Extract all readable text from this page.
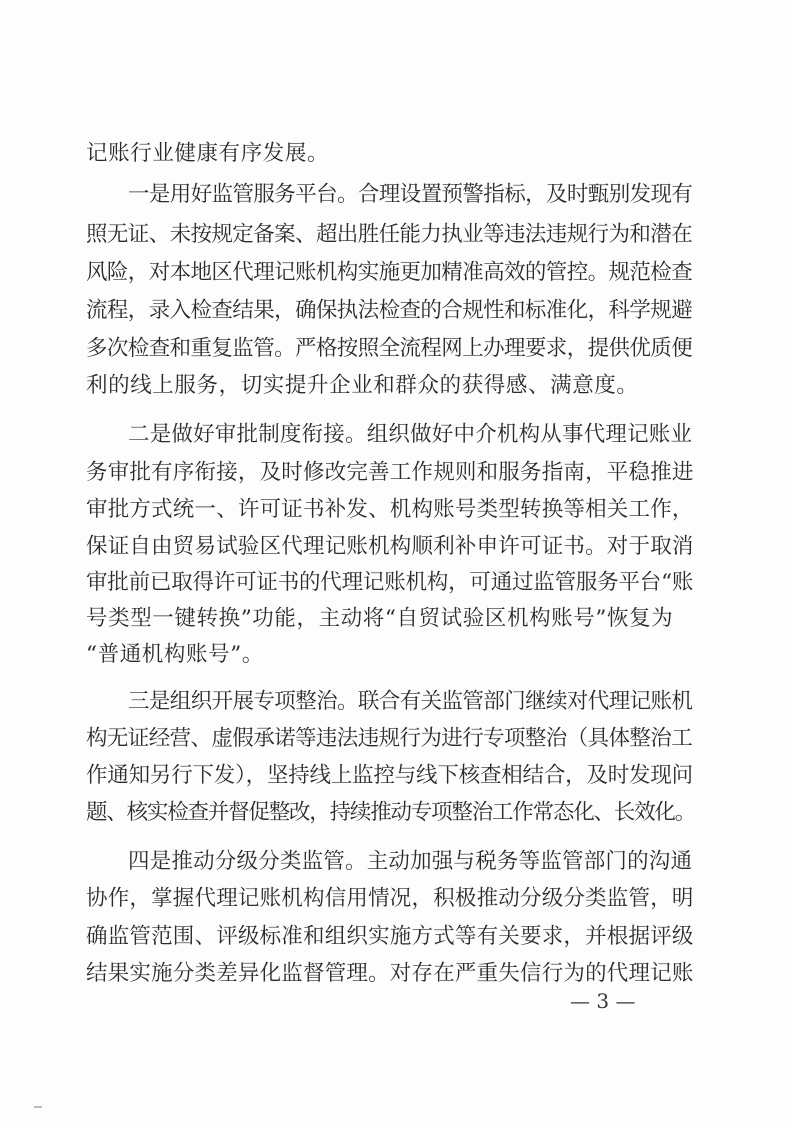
记账行业健康有序发展。
一是用好监管服务平台。合理设置预警指标，及时甄别发现有
照无证、未按规定备案、超出胜任能力执业等违法违规行为和潜在
风险，对本地区代理记账机构实施更加精准高效的管控。规范检查
流程，录入检查结果，确保执法检查的合规性和标准化，科学规避
多次检查和重复监管。严格按照全流程网上办理要求，提供优质便
利的线上服务，切实提升企业和群众的获得感、满意度。
二是做好审批制度衔接。组织做好中介机构从事代理记账业
务审批有序衔接，及时修改完善工作规则和服务指南，平稳推进
审批方式统一、许可证书补发、机构账号类型转换等相关工作，
保证自由贸易试验区代理记账机构顺利补申许可证书。对于取消
审批前已取得许可证书的代理记账机构，可通过监管服务平台“账
号类型一键转换”功能，主动将“自贸试验区机构账号”恢复为
“普通机构账号”。
三是组织开展专项整治。联合有关监管部门继续对代理记账机
构无证经营、虚假承诺等违法违规行为进行专项整治（具体整治工
作通知另行下发），坚持线上监控与线下核查相结合，及时发现问
题、核实检查并督促整改，持续推动专项整治工作常态化、长效化。
四是推动分级分类监管。主动加强与税务等监管部门的沟通
协作，掌握代理记账机构信用情况，积极推动分级分类监管，明
确监管范围、评级标准和组织实施方式等有关要求，并根据评级
结果实施分类差异化监督管理。对存在严重失信行为的代理记账
— 3 —
